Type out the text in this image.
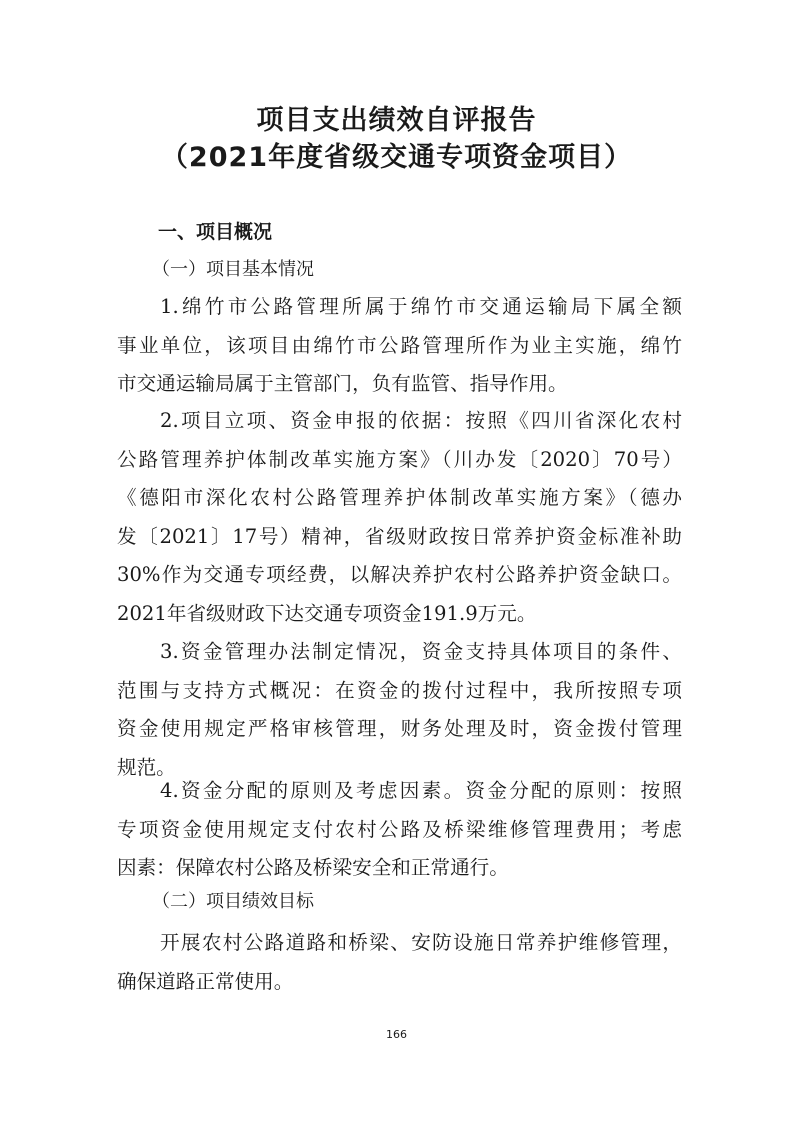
项目支出绩效自评报告
（2021年度省级交通专项资金项目）
一、项目概况
（一）项目基本情况
1.绵竹市公路管理所属于绵竹市交通运输局下属全额
事业单位，该项目由绵竹市公路管理所作为业主实施，绵竹
市交通运输局属于主管部门，负有监管、指导作用。
2.项目立项、资金申报的依据：按照《四川省深化农村
公路管理养护体制改革实施方案》（川办发〔2020〕70号）
《德阳市深化农村公路管理养护体制改革实施方案》（德办
发〔2021〕17号）精神，省级财政按日常养护资金标准补助
30%作为交通专项经费，以解决养护农村公路养护资金缺口。
2021年省级财政下达交通专项资金191.9万元。
3.资金管理办法制定情况，资金支持具体项目的条件、
范围与支持方式概况：在资金的拨付过程中，我所按照专项
资金使用规定严格审核管理，财务处理及时，资金拨付管理
规范。
4.资金分配的原则及考虑因素。资金分配的原则：按照
专项资金使用规定支付农村公路及桥梁维修管理费用；考虑
因素：保障农村公路及桥梁安全和正常通行。
（二）项目绩效目标
开展农村公路道路和桥梁、安防设施日常养护维修管理，
确保道路正常使用。
166
